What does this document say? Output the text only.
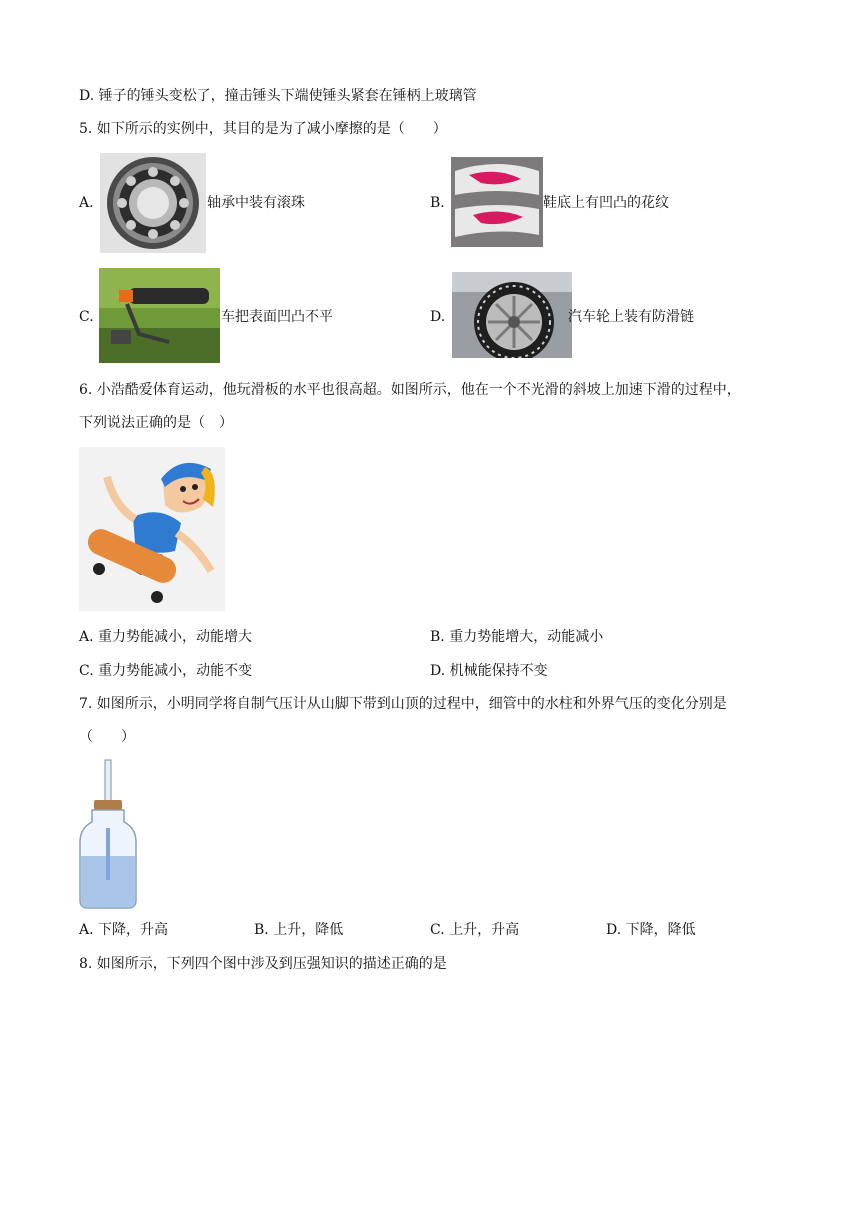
D. 锤子的锤头变松了，撞击锤头下端使锤头紧套在锤柄上玻璃管
5. 如下所示的实例中，其目的是为了减小摩擦的是（　　）
A.	轴承中装有滚珠	B.	鞋底上有凹凸的花纹
C.	车把表面凹凸不平	D.	汽车轮上装有防滑链
6. 小浩酷爱体育运动，他玩滑板的水平也很高超。如图所示，他在一个不光滑的斜坡上加速下滑的过程中，
下列说法正确的是（　）
A. 重力势能减小，动能增大	B. 重力势能增大，动能减小
C. 重力势能减小，动能不变	D. 机械能保持不变
7. 如图所示，小明同学将自制气压计从山脚下带到山顶的过程中，细管中的水柱和外界气压的变化分别是
（　　）
A. 下降，升高	B. 上升，降低	C. 上升，升高	D. 下降，降低
8. 如图所示，下列四个图中涉及到压强知识的描述正确的是
